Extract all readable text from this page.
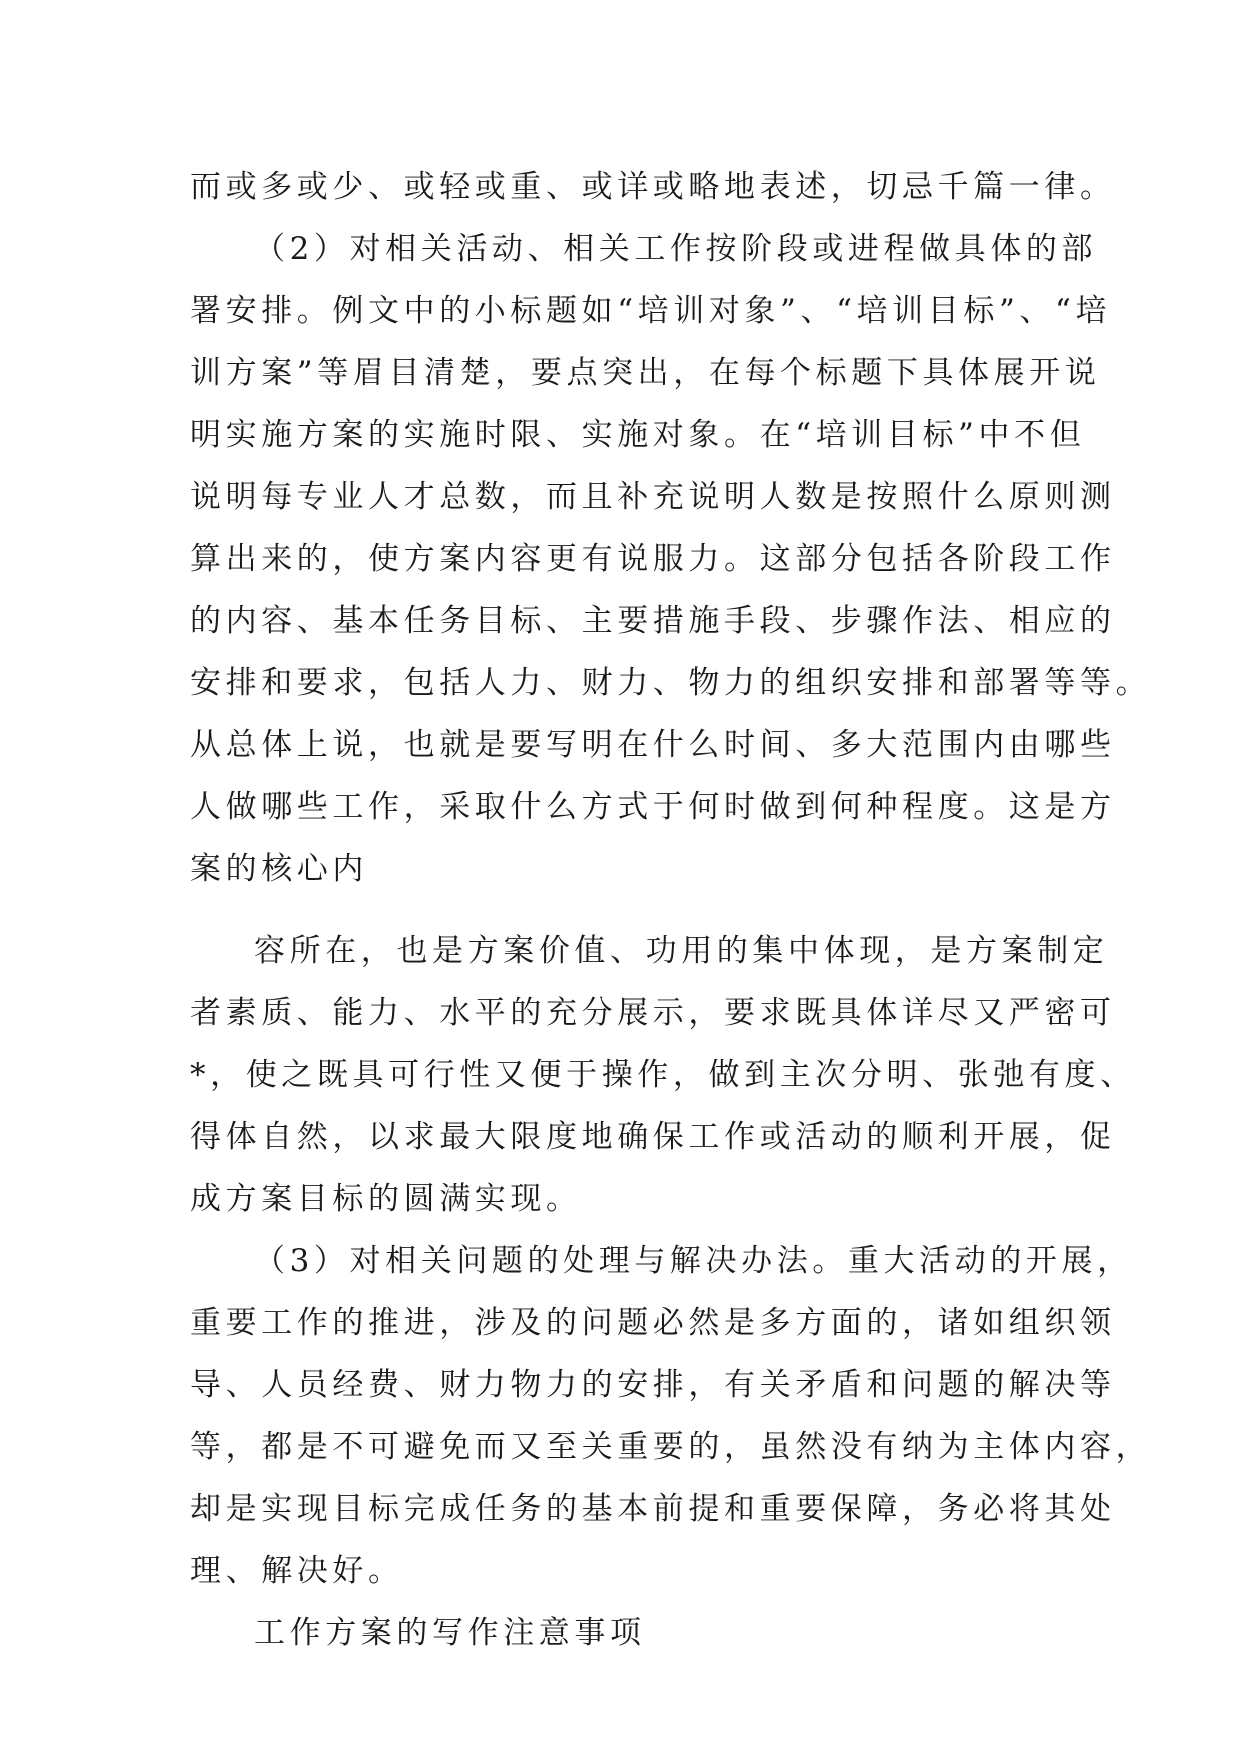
而或多或少、或轻或重、或详或略地表述，切忌千篇一律。
（2）对相关活动、相关工作按阶段或进程做具体的部
署安排。例文中的小标题如“培训对象”、“培训目标”、“培
训方案”等眉目清楚，要点突出，在每个标题下具体展开说
明实施方案的实施时限、实施对象。在“培训目标”中不但
说明每专业人才总数，而且补充说明人数是按照什么原则测
算出来的，使方案内容更有说服力。这部分包括各阶段工作
的内容、基本任务目标、主要措施手段、步骤作法、相应的
安排和要求，包括人力、财力、物力的组织安排和部署等等。
从总体上说，也就是要写明在什么时间、多大范围内由哪些
人做哪些工作，采取什么方式于何时做到何种程度。这是方
案的核心内
容所在，也是方案价值、功用的集中体现，是方案制定
者素质、能力、水平的充分展示，要求既具体详尽又严密可
*，使之既具可行性又便于操作，做到主次分明、张弛有度、
得体自然，以求最大限度地确保工作或活动的顺利开展，促
成方案目标的圆满实现。
（3）对相关问题的处理与解决办法。重大活动的开展，
重要工作的推进，涉及的问题必然是多方面的，诸如组织领
导、人员经费、财力物力的安排，有关矛盾和问题的解决等
等，都是不可避免而又至关重要的，虽然没有纳为主体内容，
却是实现目标完成任务的基本前提和重要保障，务必将其处
理、解决好。
工作方案的写作注意事项
